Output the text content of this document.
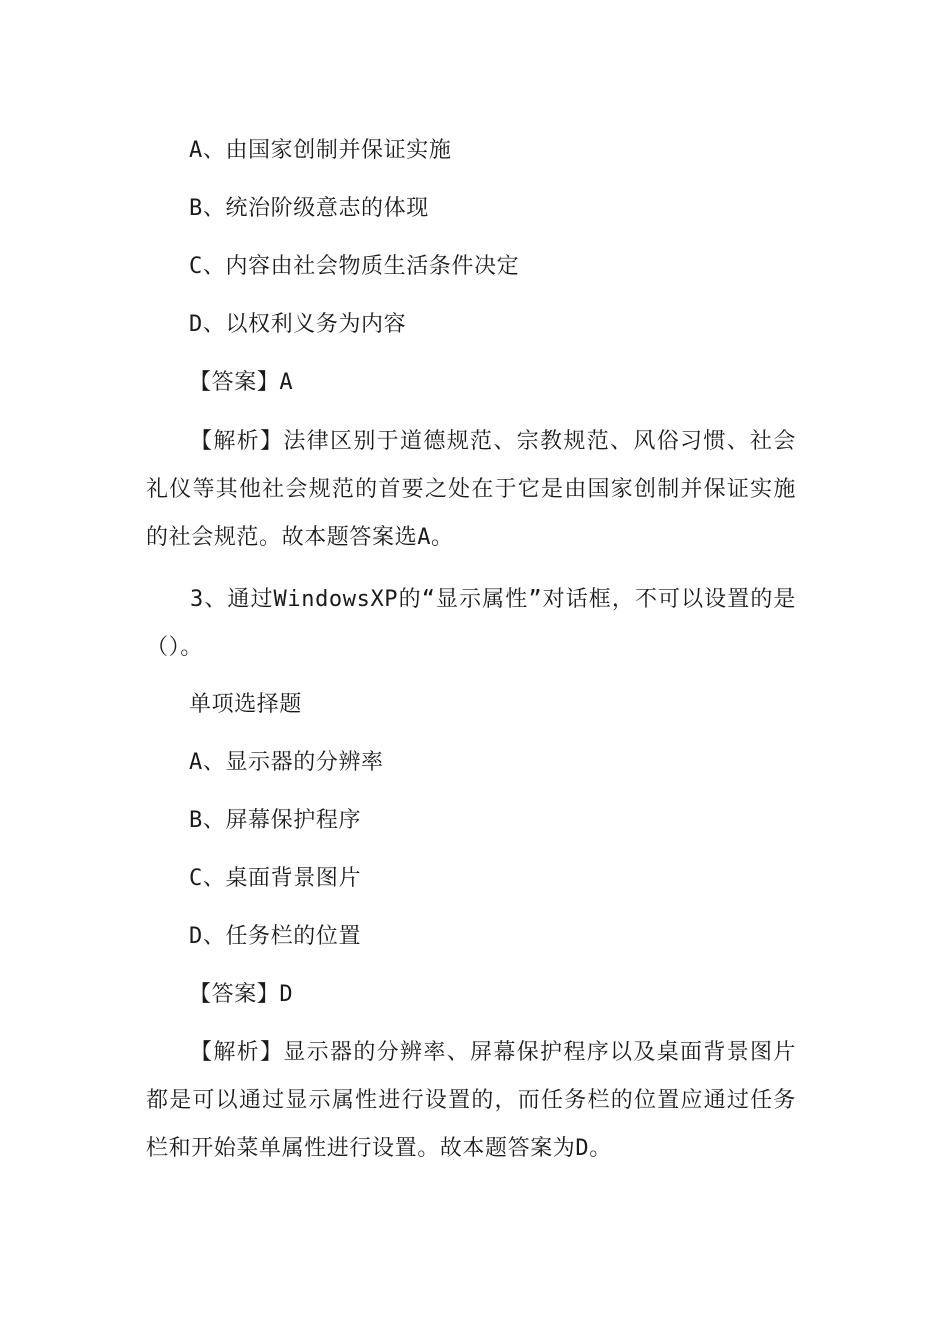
A、由国家创制并保证实施
B、统治阶级意志的体现
C、内容由社会物质生活条件决定
D、以权利义务为内容
【答案】A
【解析】法律区别于道德规范、宗教规范、风俗习惯、社会礼仪等其他社会规范的首要之处在于它是由国家创制并保证实施的社会规范。故本题答案选A。
3、通过WindowsXP的“显示属性”对话框，不可以设置的是（）。
单项选择题
A、显示器的分辨率
B、屏幕保护程序
C、桌面背景图片
D、任务栏的位置
【答案】D
【解析】显示器的分辨率、屏幕保护程序以及桌面背景图片都是可以通过显示属性进行设置的，而任务栏的位置应通过任务栏和开始菜单属性进行设置。故本题答案为D。
